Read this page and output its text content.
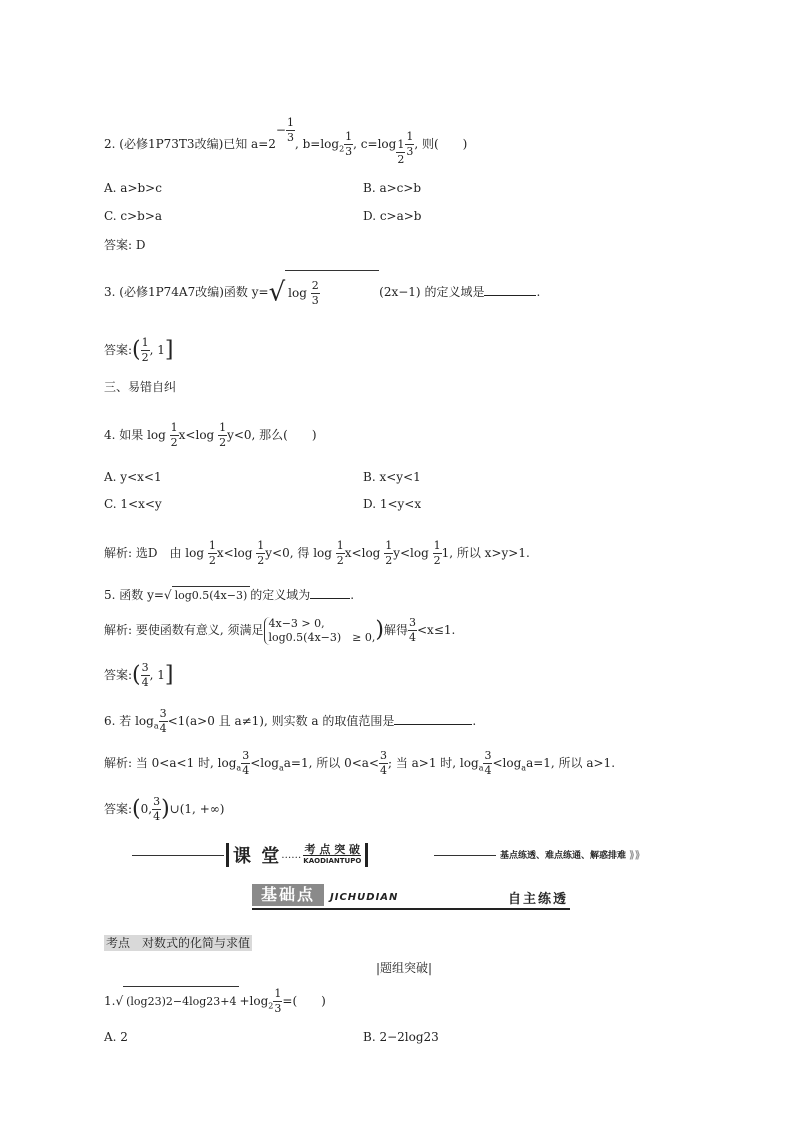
2. (必修1P73T3改编)已知 $a=2- \frac{1}{3}$ , $b=\log_2 \frac{1}{3}$ , $c=\log \frac{1}{2} \frac{1}{3}$ , 则(　　)
A. a>b>c	B. a>c>b
C. c>b>a	D. c>a>b
答案: D
3. (必修1P74A7改编)函数 y=√ $\log \frac{2}{3}$	(2x−1) 的定义域是	.
答案:( $\frac{1}{2}$ , 1]
三、易错自纠
4. 如果 $\log \frac{1}{2} x<\log \frac{1}{2} y<0$, 那么(　　)
A. y<x<1	B. x<y<1
C. 1<x<y	D. 1<y<x
解析: 选D　由 $\log \frac{1}{2} x<\log \frac{1}{2} y<0$, 得 $\log \frac{1}{2} x<\log \frac{1}{2} y<\log \frac{1}{2} 1$, 所以 x>y>1.
5. 函数 y=√ log0.5(4x−3) 的定义域为	.
解析: 要使函数有意义, 须满足 4x−3 > 0,
log0.5(4x−3)　≥ 0, )解得 $\frac{3}{4} <x\le 1$.
答案:( $\frac{3}{4}$ , 1]
6. 若 $\log_a \frac{3}{4} <1(a>0$ 且 a≠1), 则实数 a 的取值范围是	.
解析: 当 0<a<1 时, $\log_a \frac{3}{4} <\log_aa=1$, 所以 $0<a< \frac{3}{4}$ ; 当 a>1 时, $\log_a \frac{3}{4} <\log_aa=1$, 所以 a>1.
答案:(0, $\frac{3}{4}$ )∪(1, +∞)
课 堂 …… 考 点 突 破
KAODIANTUPO	基点练透、难点练通、解惑排难 ⟫⟫
基础点	JICHUDIAN	自主练透
考点　对数式的化简与求值
|题组突破|
1.√ $(\log 23)2-4\log 23+4 +\log_2 \frac{1}{3}$ =(　　)
A. 2	B. 2−2log23
